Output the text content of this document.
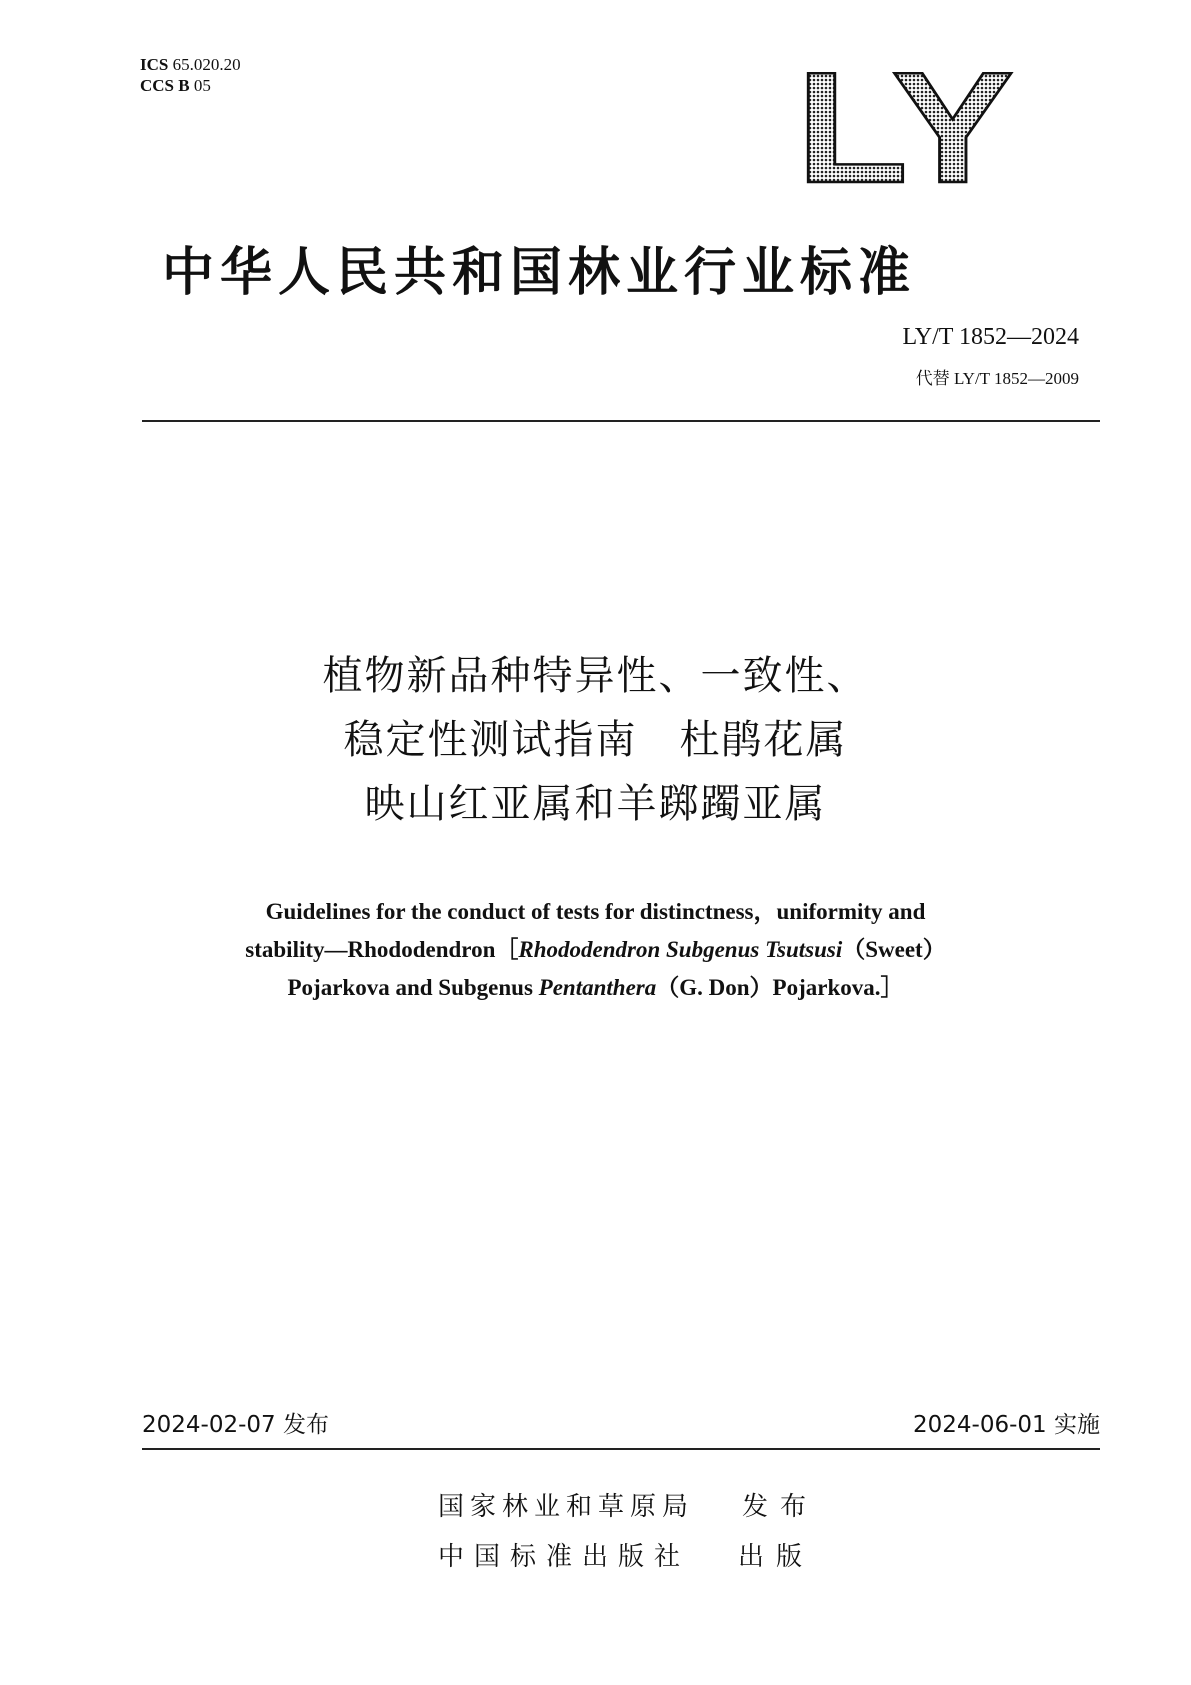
ICS 65.020.20
CCS B 05	LY
中华人民共和国林业行业标准
LY/T 1852—2024
代替 LY/T 1852—2009
植物新品种特异性、一致性、
稳定性测试指南　杜鹃花属
映山红亚属和羊踯躅亚属
Guidelines for the conduct of tests for distinctness，uniformity and
stability—Rhododendron［Rhododendron Subgenus Tsutsusi（Sweet）
Pojarkova and Subgenus Pentanthera（G. Don）Pojarkova.］
2024-02-07 发布	2024-06-01 实施
国家林业和草原局 发布
中国标准出版社 出版
